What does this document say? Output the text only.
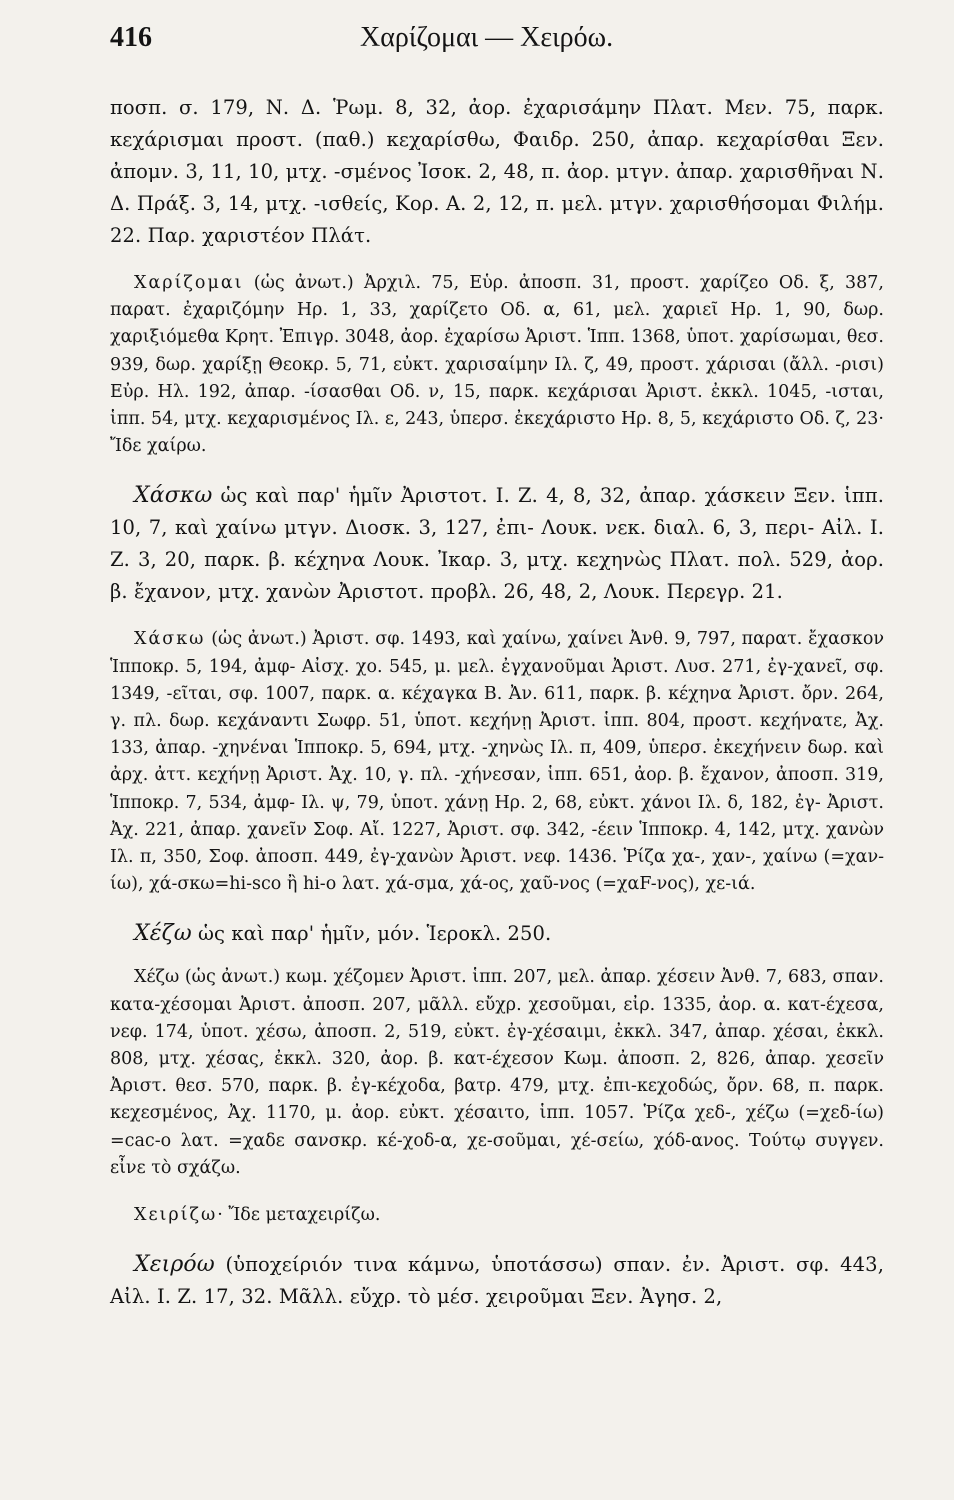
416	Χαρίζομαι — Χειρόω.

ποσπ. σ. 179, Ν. Δ. Ῥωμ. 8, 32, ἀορ. ἐχαρισάμην Πλατ. Μεν. 75, παρκ. κεχάρισμαι προστ. (παθ.) κεχαρίσθω, Φαιδρ. 250, ἀπαρ. κεχαρίσθαι Ξεν. ἀπομν. 3, 11, 10, μτχ. -σμένος Ἰσοκ. 2, 48, π. ἀορ. μτγν. ἀπαρ. χαρισθῆναι Ν. Δ. Πράξ. 3, 14, μτχ. -ισθείς, Κορ. Α. 2, 12, π. μελ. μτγν. χαρισθήσομαι Φιλήμ. 22. Παρ. χαριστέον Πλάτ.

Χαρίζομαι (ὡς ἀνωτ.) Ἀρχιλ. 75, Εὑρ. ἀποσπ. 31, προστ. χαρίζεο Οδ. ξ, 387, παρατ. ἐχαριζόμην Ηρ. 1, 33, χαρίζετο Οδ. α, 61, μελ. χαριεῖ Ηρ. 1, 90, δωρ. χαριξιόμεθα Κρητ. Ἐπιγρ. 3048, ἀορ. ἐχαρίσω Ἀριστ. Ἱππ. 1368, ὑποτ. χαρίσωμαι, θεσ. 939, δωρ. χαρίξῃ Θεοκρ. 5, 71, εὐκτ. χαρισαίμην Ιλ. ζ, 49, προστ. χάρισαι (ἄλλ. -ρισι) Εὐρ. Ηλ. 192, ἀπαρ. -ίσασθαι Οδ. ν, 15, παρκ. κεχάρισαι Ἀριστ. ἐκκλ. 1045, -ισται, ἱππ. 54, μτχ. κεχαρισμένος Ιλ. ε, 243, ὑπερσ. ἐκεχάριστο Ηρ. 8, 5, κεχάριστο Οδ. ζ, 23· Ἴδε χαίρω.

Χάσκω ὡς καὶ παρ' ἡμῖν Ἀριστοτ. Ι. Ζ. 4, 8, 32, ἀπαρ. χάσκειν Ξεν. ἱππ. 10, 7, καὶ χαίνω μτγν. Διοσκ. 3, 127, ἐπι- Λουκ. νεκ. διαλ. 6, 3, περι- Αἰλ. Ι. Ζ. 3, 20, παρκ. β. κέχηνα Λουκ. Ἰκαρ. 3, μτχ. κεχηνὼς Πλατ. πολ. 529, ἀορ. β. ἔχανον, μτχ. χανὼν Ἀριστοτ. προβλ. 26, 48, 2, Λουκ. Περεγρ. 21.

Χάσκω (ὡς ἀνωτ.) Ἀριστ. σφ. 1493, καὶ χαίνω, χαίνει Ἀνθ. 9, 797, παρατ. ἔχασκον Ἱπποκρ. 5, 194, ἀμφ- Αἰσχ. χο. 545, μ. μελ. ἐγχανοῦμαι Ἀριστ. Λυσ. 271, ἐγ-χανεῖ, σφ. 1349, -εῖται, σφ. 1007, παρκ. α. κέχαγκα Β. Ἀν. 611, παρκ. β. κέχηνα Ἀριστ. ὄρν. 264, γ. πλ. δωρ. κεχάναντι Σωφρ. 51, ὑποτ. κεχήνῃ Ἀριστ. ἱππ. 804, προστ. κεχήνατε, Ἀχ. 133, ἀπαρ. -χηνέναι Ἱπποκρ. 5, 694, μτχ. -χηνὼς Ιλ. π, 409, ὑπερσ. ἐκεχήνειν δωρ. καὶ ἀρχ. ἀττ. κεχήνῃ Ἀριστ. Ἀχ. 10, γ. πλ. -χήνεσαν, ἱππ. 651, ἀορ. β. ἔχανον, ἀποσπ. 319, Ἱπποκρ. 7, 534, ἀμφ- Ιλ. ψ, 79, ὑποτ. χάνῃ Ηρ. 2, 68, εὐκτ. χάνοι Ιλ. δ, 182, ἐγ- Ἀριστ. Ἀχ. 221, ἀπαρ. χανεῖν Σοφ. Αἴ. 1227, Ἀριστ. σφ. 342, -έειν Ἱπποκρ. 4, 142, μτχ. χανὼν Ιλ. π, 350, Σοφ. ἀποσπ. 449, ἐγ-χανὼν Ἀριστ. νεφ. 1436. Ῥίζα χα-, χαν-, χαίνω (=χαν-ίω), χά-σκω=hi-sco ἢ hi-o λατ. χά-σμα, χά-ος, χαῦ-νος (=χαF-νος), χε-ιά.

Χέζω ὡς καὶ παρ' ἡμῖν, μόν. Ἱεροκλ. 250.

Χέζω (ὡς ἀνωτ.) κωμ. χέζομεν Ἀριστ. ἱππ. 207, μελ. ἀπαρ. χέσειν Ἀνθ. 7, 683, σπαν. κατα-χέσομαι Ἀριστ. ἀποσπ. 207, μᾶλλ. εὔχρ. χεσοῦμαι, εἰρ. 1335, ἀορ. α. κατ-έχεσα, νεφ. 174, ὑποτ. χέσω, ἀποσπ. 2, 519, εὐκτ. ἐγ-χέσαιμι, ἐκκλ. 347, ἀπαρ. χέσαι, ἐκκλ. 808, μτχ. χέσας, ἐκκλ. 320, ἀορ. β. κατ-έχεσον Κωμ. ἀποσπ. 2, 826, ἀπαρ. χεσεῖν Ἀριστ. θεσ. 570, παρκ. β. ἐγ-κέχοδα, βατρ. 479, μτχ. ἐπι-κεχοδώς, ὄρν. 68, π. παρκ. κεχεσμένος, Ἀχ. 1170, μ. ἀορ. εὐκτ. χέσαιτο, ἱππ. 1057. Ῥίζα χεδ-, χέζω (=χεδ-ίω) =cac-o λατ. =χαδε σανσκρ. κέ-χοδ-α, χε-σοῦμαι, χέ-σείω, χόδ-ανος. Τούτῳ συγγεν. εἶνε τὸ σχάζω.

Χειρίζω· Ἴδε μεταχειρίζω.

Χειρόω (ὑποχείριόν τινα κάμνω, ὑποτάσσω) σπαν. ἐν. Ἀριστ. σφ. 443, Αἰλ. Ι. Ζ. 17, 32. Μᾶλλ. εὔχρ. τὸ μέσ. χειροῦμαι Ξεν. Ἀγησ. 2,
